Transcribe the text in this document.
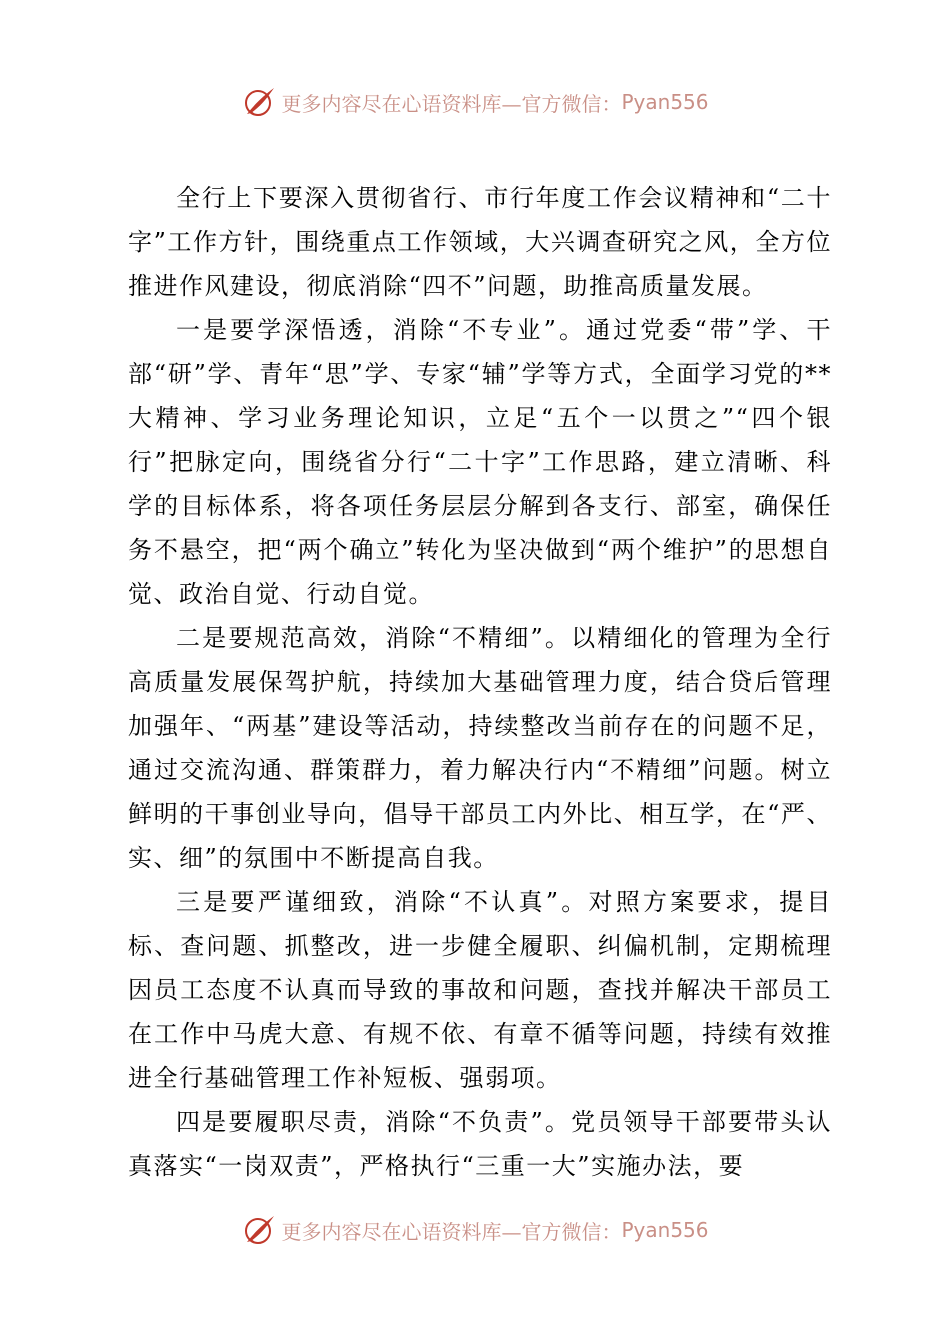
更多内容尽在心语资料库—官方微信： Pyan556

全行上下要深入贯彻省行、市行年度工作会议精神和“二十字”工作方针，围绕重点工作领域，大兴调查研究之风，全方位推进作风建设，彻底消除“四不”问题，助推高质量发展。

一是要学深悟透，消除“不专业”。通过党委“带”学、干部“研”学、青年“思”学、专家“辅”学等方式，全面学习党的**大精神、学习业务理论知识，立足“五个一以贯之”“四个银行”把脉定向，围绕省分行“二十字”工作思路，建立清晰、科学的目标体系，将各项任务层层分解到各支行、部室，确保任务不悬空，把“两个确立”转化为坚决做到“两个维护”的思想自觉、政治自觉、行动自觉。

二是要规范高效，消除“不精细”。以精细化的管理为全行高质量发展保驾护航，持续加大基础管理力度，结合贷后管理加强年、“两基”建设等活动，持续整改当前存在的问题不足，通过交流沟通、群策群力，着力解决行内“不精细”问题。树立鲜明的干事创业导向，倡导干部员工内外比、相互学，在“严、实、细”的氛围中不断提高自我。

三是要严谨细致，消除“不认真”。对照方案要求，提目标、查问题、抓整改，进一步健全履职、纠偏机制，定期梳理因员工态度不认真而导致的事故和问题，查找并解决干部员工在工作中马虎大意、有规不依、有章不循等问题，持续有效推进全行基础管理工作补短板、强弱项。

四是要履职尽责，消除“不负责”。党员领导干部要带头认真落实“一岗双责”，严格执行“三重一大”实施办法，要

更多内容尽在心语资料库—官方微信： Pyan556
